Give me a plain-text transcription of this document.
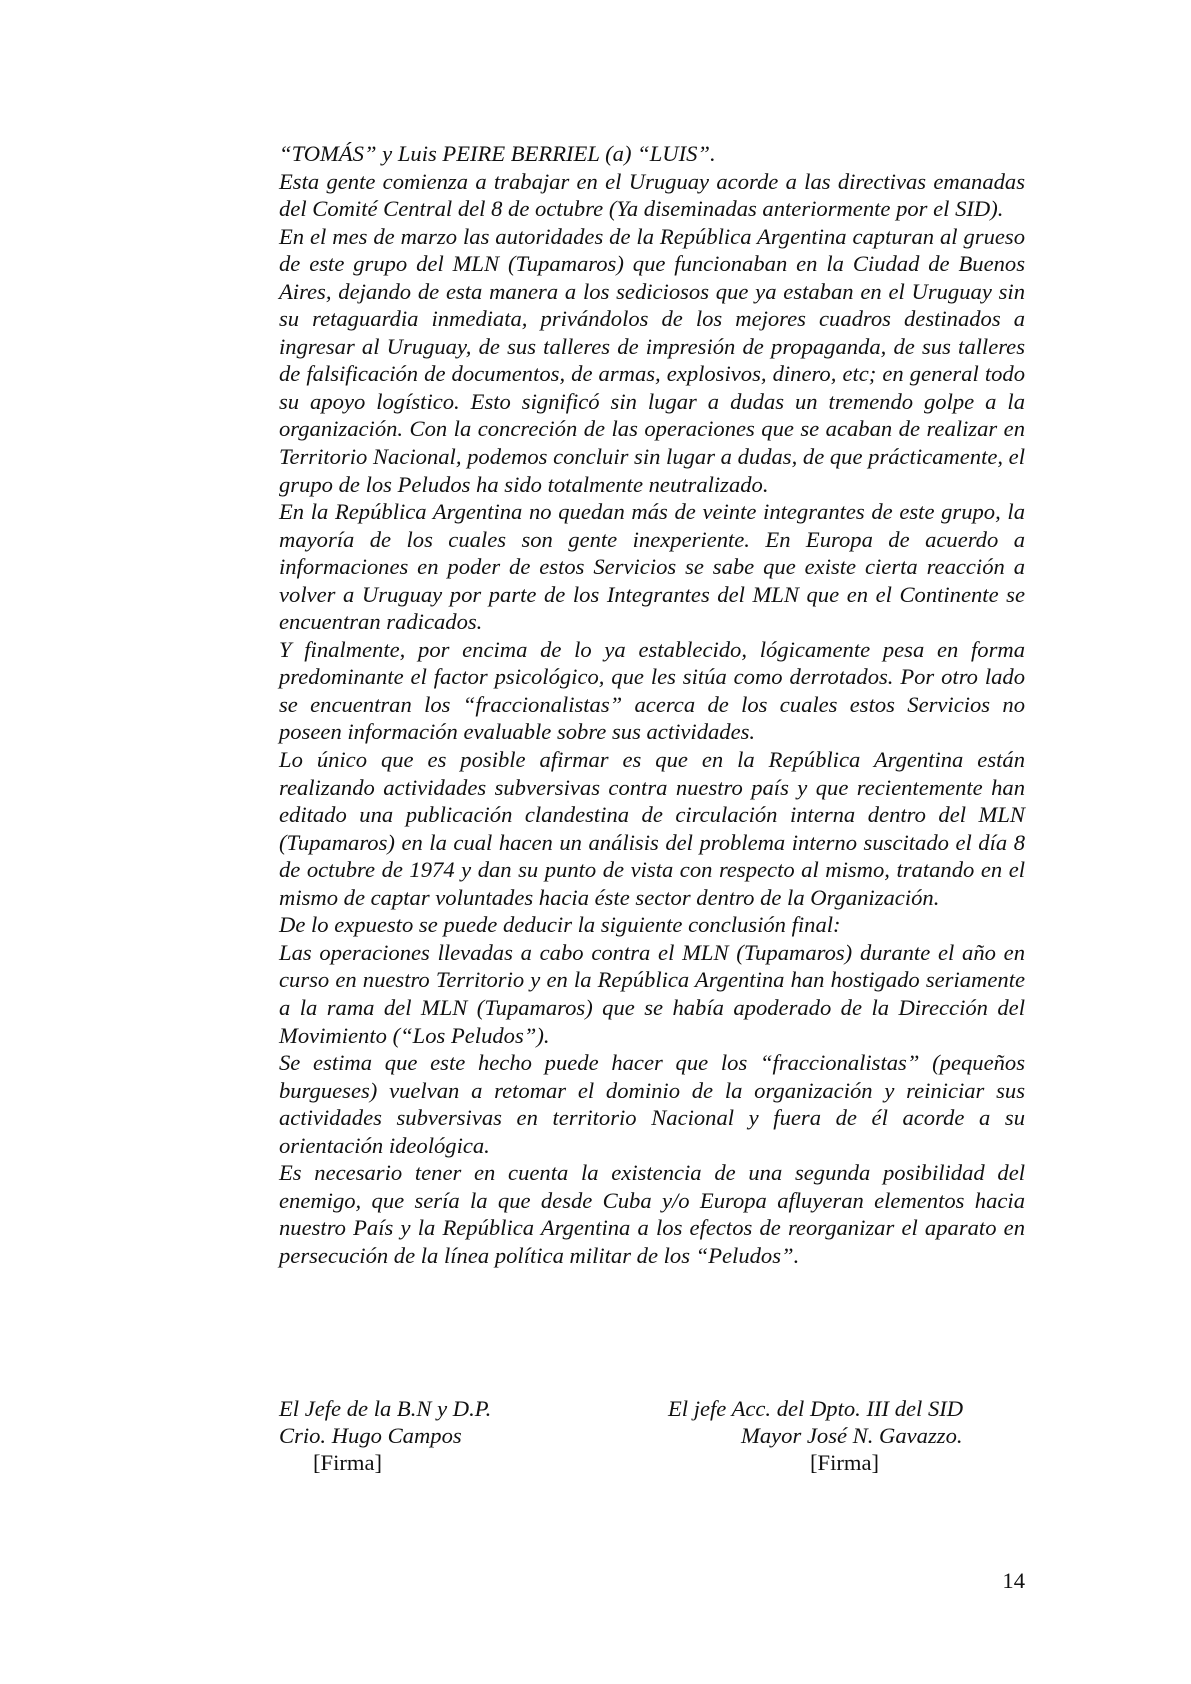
“TOMÁS” y Luis PEIRE BERRIEL (a) “LUIS”.

Esta gente comienza a trabajar en el Uruguay acorde a las directivas emanadas del Comité Central del 8 de octubre (Ya diseminadas anteriormente por el SID).

En el mes de marzo las autoridades de la República Argentina capturan al grueso de este grupo del MLN (Tupamaros) que funcionaban en la Ciudad de Buenos Aires, dejando de esta manera a los sediciosos que ya estaban en el Uruguay sin su retaguardia inmediata, privándolos de los mejores cuadros destinados a ingresar al Uruguay, de sus talleres de impresión de propaganda, de sus talleres de falsificación de documentos, de armas, explosivos, dinero, etc; en general todo su apoyo logístico. Esto significó sin lugar a dudas un tremendo golpe a la organización. Con la concreción de las operaciones que se acaban de realizar en Territorio Nacional, podemos concluir sin lugar a dudas, de que prácticamente, el grupo de los Peludos ha sido totalmente neutralizado.

En la República Argentina no quedan más de veinte integrantes de este grupo, la mayoría de los cuales son gente inexperiente. En Europa de acuerdo a informaciones en poder de estos Servicios se sabe que existe cierta reacción a volver a Uruguay por parte de los Integrantes del MLN que en el Continente se encuentran radicados.

Y finalmente, por encima de lo ya establecido, lógicamente pesa en forma predominante el factor psicológico, que les sitúa como derrotados. Por otro lado se encuentran los “fraccionalistas” acerca de los cuales estos Servicios no poseen información evaluable sobre sus actividades.

Lo único que es posible afirmar es que en la República Argentina están realizando actividades subversivas contra nuestro país y que recientemente han editado una publicación clandestina de circulación interna dentro del MLN (Tupamaros) en la cual hacen un análisis del problema interno suscitado el día 8 de octubre de 1974 y dan su punto de vista con respecto al mismo, tratando en el mismo de captar voluntades hacia éste sector dentro de la Organización.

De lo expuesto se puede deducir la siguiente conclusión final:

Las operaciones llevadas a cabo contra el MLN (Tupamaros) durante el año en curso en nuestro Territorio y en la República Argentina han hostigado seriamente a la rama del MLN (Tupamaros) que se había apoderado de la Dirección del Movimiento (“Los Peludos”).

Se estima que este hecho puede hacer que los “fraccionalistas” (pequeños burgueses) vuelvan a retomar el dominio de la organización y reiniciar sus actividades subversivas en territorio Nacional y fuera de él acorde a su orientación ideológica.

Es necesario tener en cuenta la existencia de una segunda posibilidad del enemigo, que sería la que desde Cuba y/o Europa afluyeran elementos hacia nuestro País y la República Argentina a los efectos de reorganizar el aparato en persecución de la línea política militar de los “Peludos”.

El Jefe de la B.N y D.P.
Crio. Hugo Campos
[Firma]
El jefe Acc. del Dpto. III del SID
Mayor José N. Gavazzo.
[Firma]
14
